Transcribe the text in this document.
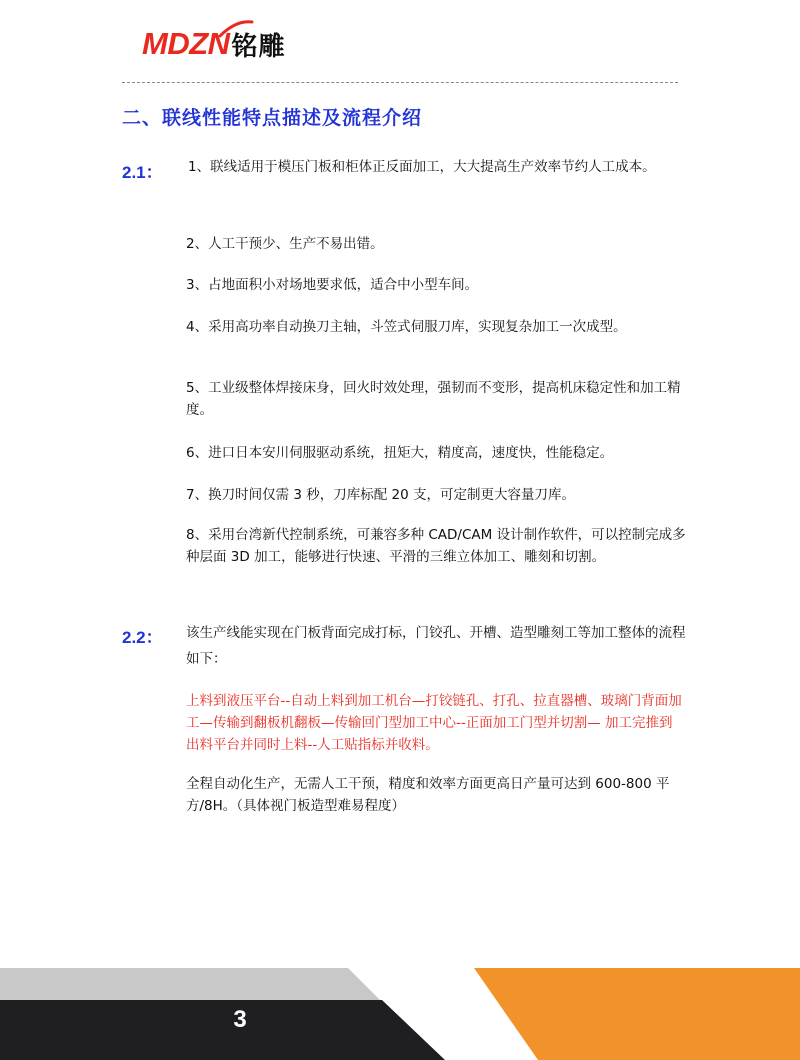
MDZN 铭雕
二、联线性能特点描述及流程介绍
2.1： 1、联线适用于模压门板和柜体正反面加工，大大提高生产效率节约人工成本。

2、人工干预少、生产不易出错。

3、占地面积小对场地要求低，适合中小型车间。

4、采用高功率自动换刀主轴，斗笠式伺服刀库，实现复杂加工一次成型。

5、工业级整体焊接床身，回火时效处理，强韧而不变形，提高机床稳定性和加工精度。

6、进口日本安川伺服驱动系统，扭矩大，精度高，速度快，性能稳定。

7、换刀时间仅需 3 秒，刀库标配 20 支，可定制更大容量刀库。

8、采用台湾新代控制系统，可兼容多种 CAD/CAM 设计制作软件，可以控制完成多种层面 3D 加工，能够进行快速、平滑的三维立体加工、雕刻和切割。

2.2： 该生产线能实现在门板背面完成打标，门铰孔、开槽、造型雕刻工等加工整体的流程如下：

上料到液压平台--自动上料到加工机台—打铰链孔、打孔、拉直器槽、玻璃门背面加工—传输到翻板机翻板—传输回门型加工中心--正面加工门型并切割— 加工完推到出料平台并同时上料--人工贴指标并收料。

全程自动化生产，无需人工干预，精度和效率方面更高日产量可达到 600-800 平方/8H。（具体视门板造型难易程度）

3
